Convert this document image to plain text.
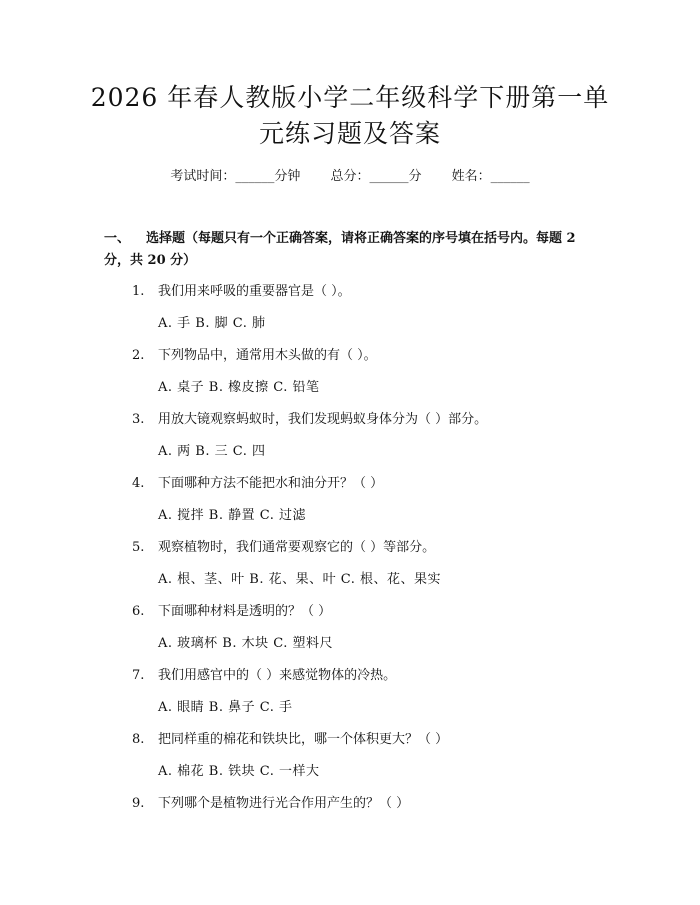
2026 年春人教版小学二年级科学下册第一单
元练习题及答案
考试时间：______分钟 总分：______分 姓名：______
一、 选择题（每题只有一个正确答案，请将正确答案的序号填在括号内。每题 2
分，共 20 分）
1. 我们用来呼吸的重要器官是（ ）。
A. 手 B. 脚 C. 肺
2. 下列物品中，通常用木头做的有（ ）。
A. 桌子 B. 橡皮擦 C. 铅笔
3. 用放大镜观察蚂蚁时，我们发现蚂蚁身体分为（ ）部分。
A. 两 B. 三 C. 四
4. 下面哪种方法不能把水和油分开？（ ）
A. 搅拌 B. 静置 C. 过滤
5. 观察植物时，我们通常要观察它的（ ）等部分。
A. 根、茎、叶 B. 花、果、叶 C. 根、花、果实
6. 下面哪种材料是透明的？（ ）
A. 玻璃杯 B. 木块 C. 塑料尺
7. 我们用感官中的（ ）来感觉物体的冷热。
A. 眼睛 B. 鼻子 C. 手
8. 把同样重的棉花和铁块比，哪一个体积更大？（ ）
A. 棉花 B. 铁块 C. 一样大
9. 下列哪个是植物进行光合作用产生的？（ ）
